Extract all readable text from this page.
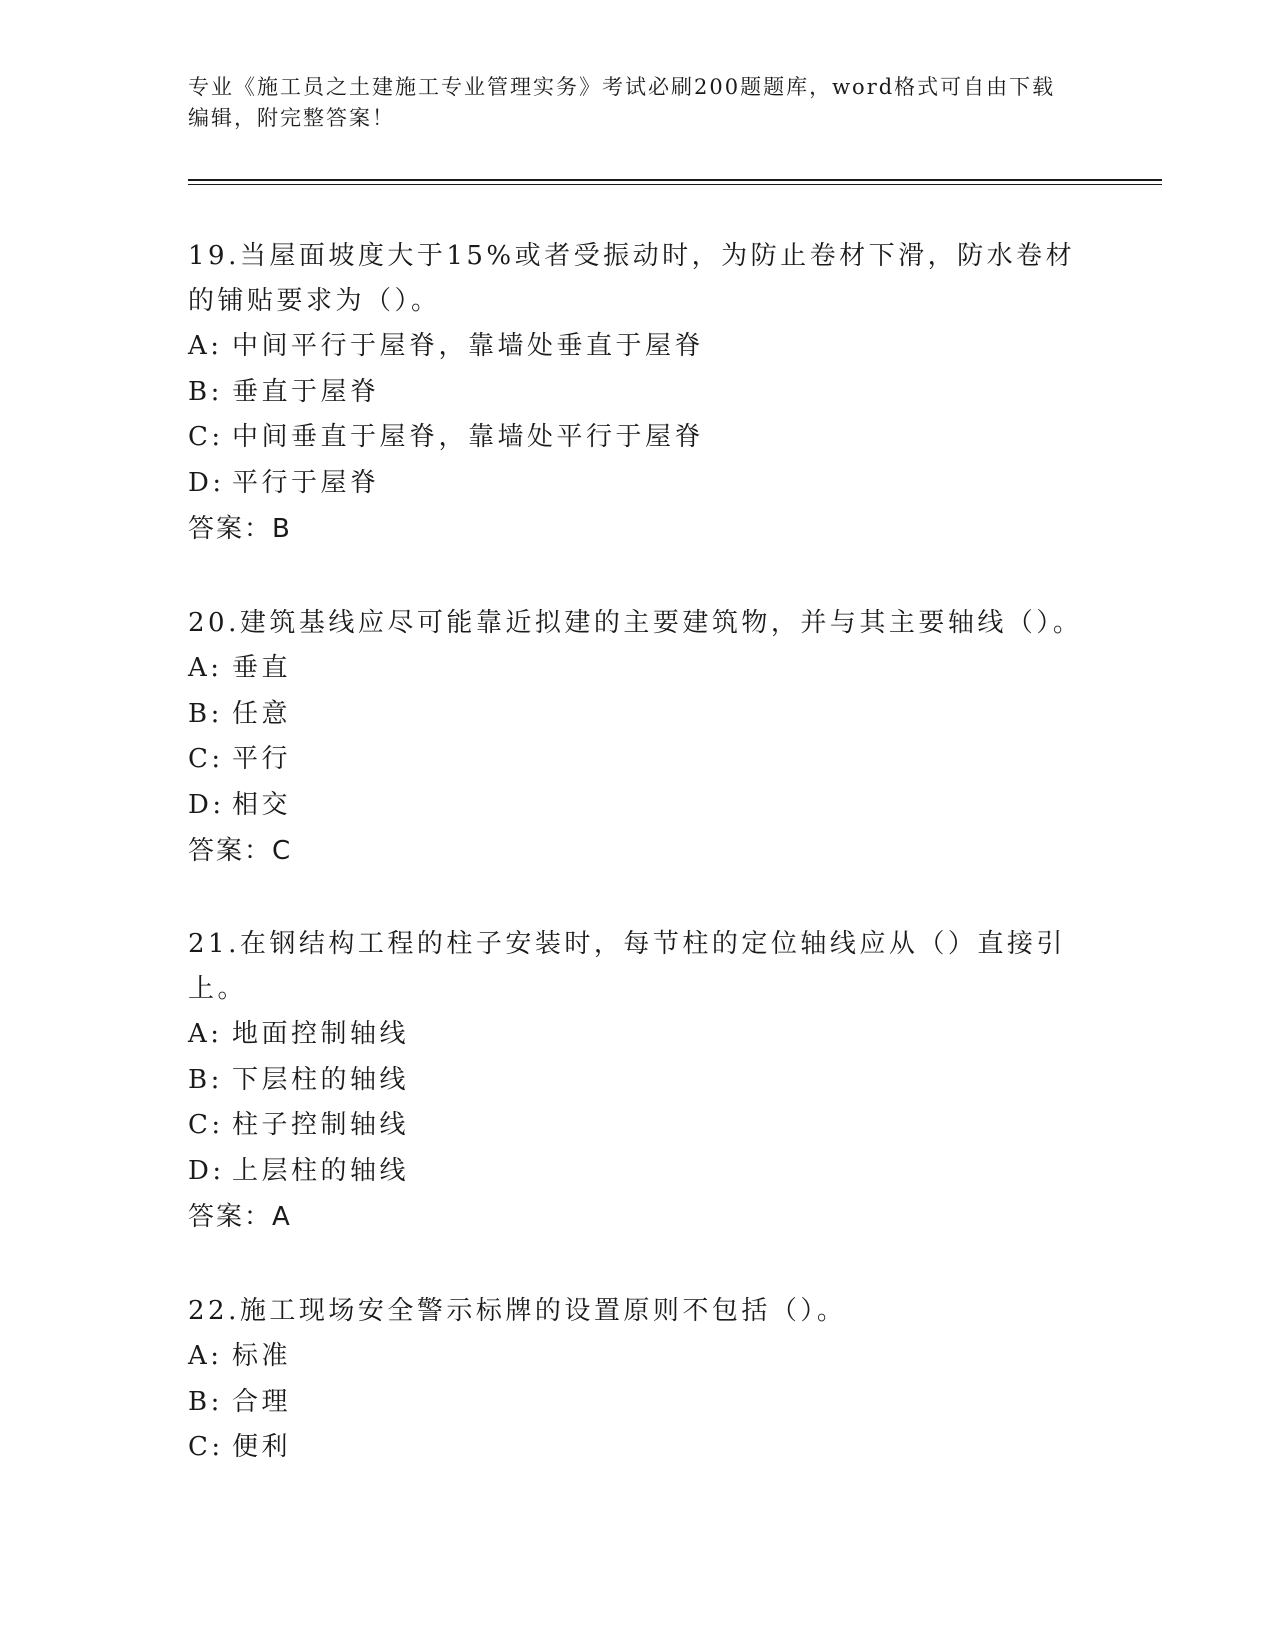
专业《施工员之土建施工专业管理实务》考试必刷200题题库，word格式可自由下载编辑，附完整答案！

19.当屋面坡度大于15%或者受振动时，为防止卷材下滑，防水卷材的铺贴要求为（）。

A: 中间平行于屋脊，靠墙处垂直于屋脊

B: 垂直于屋脊

C: 中间垂直于屋脊，靠墙处平行于屋脊

D: 平行于屋脊

答案：B

20.建筑基线应尽可能靠近拟建的主要建筑物，并与其主要轴线（）。

A: 垂直

B: 任意

C: 平行

D: 相交

答案：C

21.在钢结构工程的柱子安装时，每节柱的定位轴线应从（）直接引上。

A: 地面控制轴线

B: 下层柱的轴线

C: 柱子控制轴线

D: 上层柱的轴线

答案：A

22.施工现场安全警示标牌的设置原则不包括（）。

A: 标准

B: 合理

C: 便利
